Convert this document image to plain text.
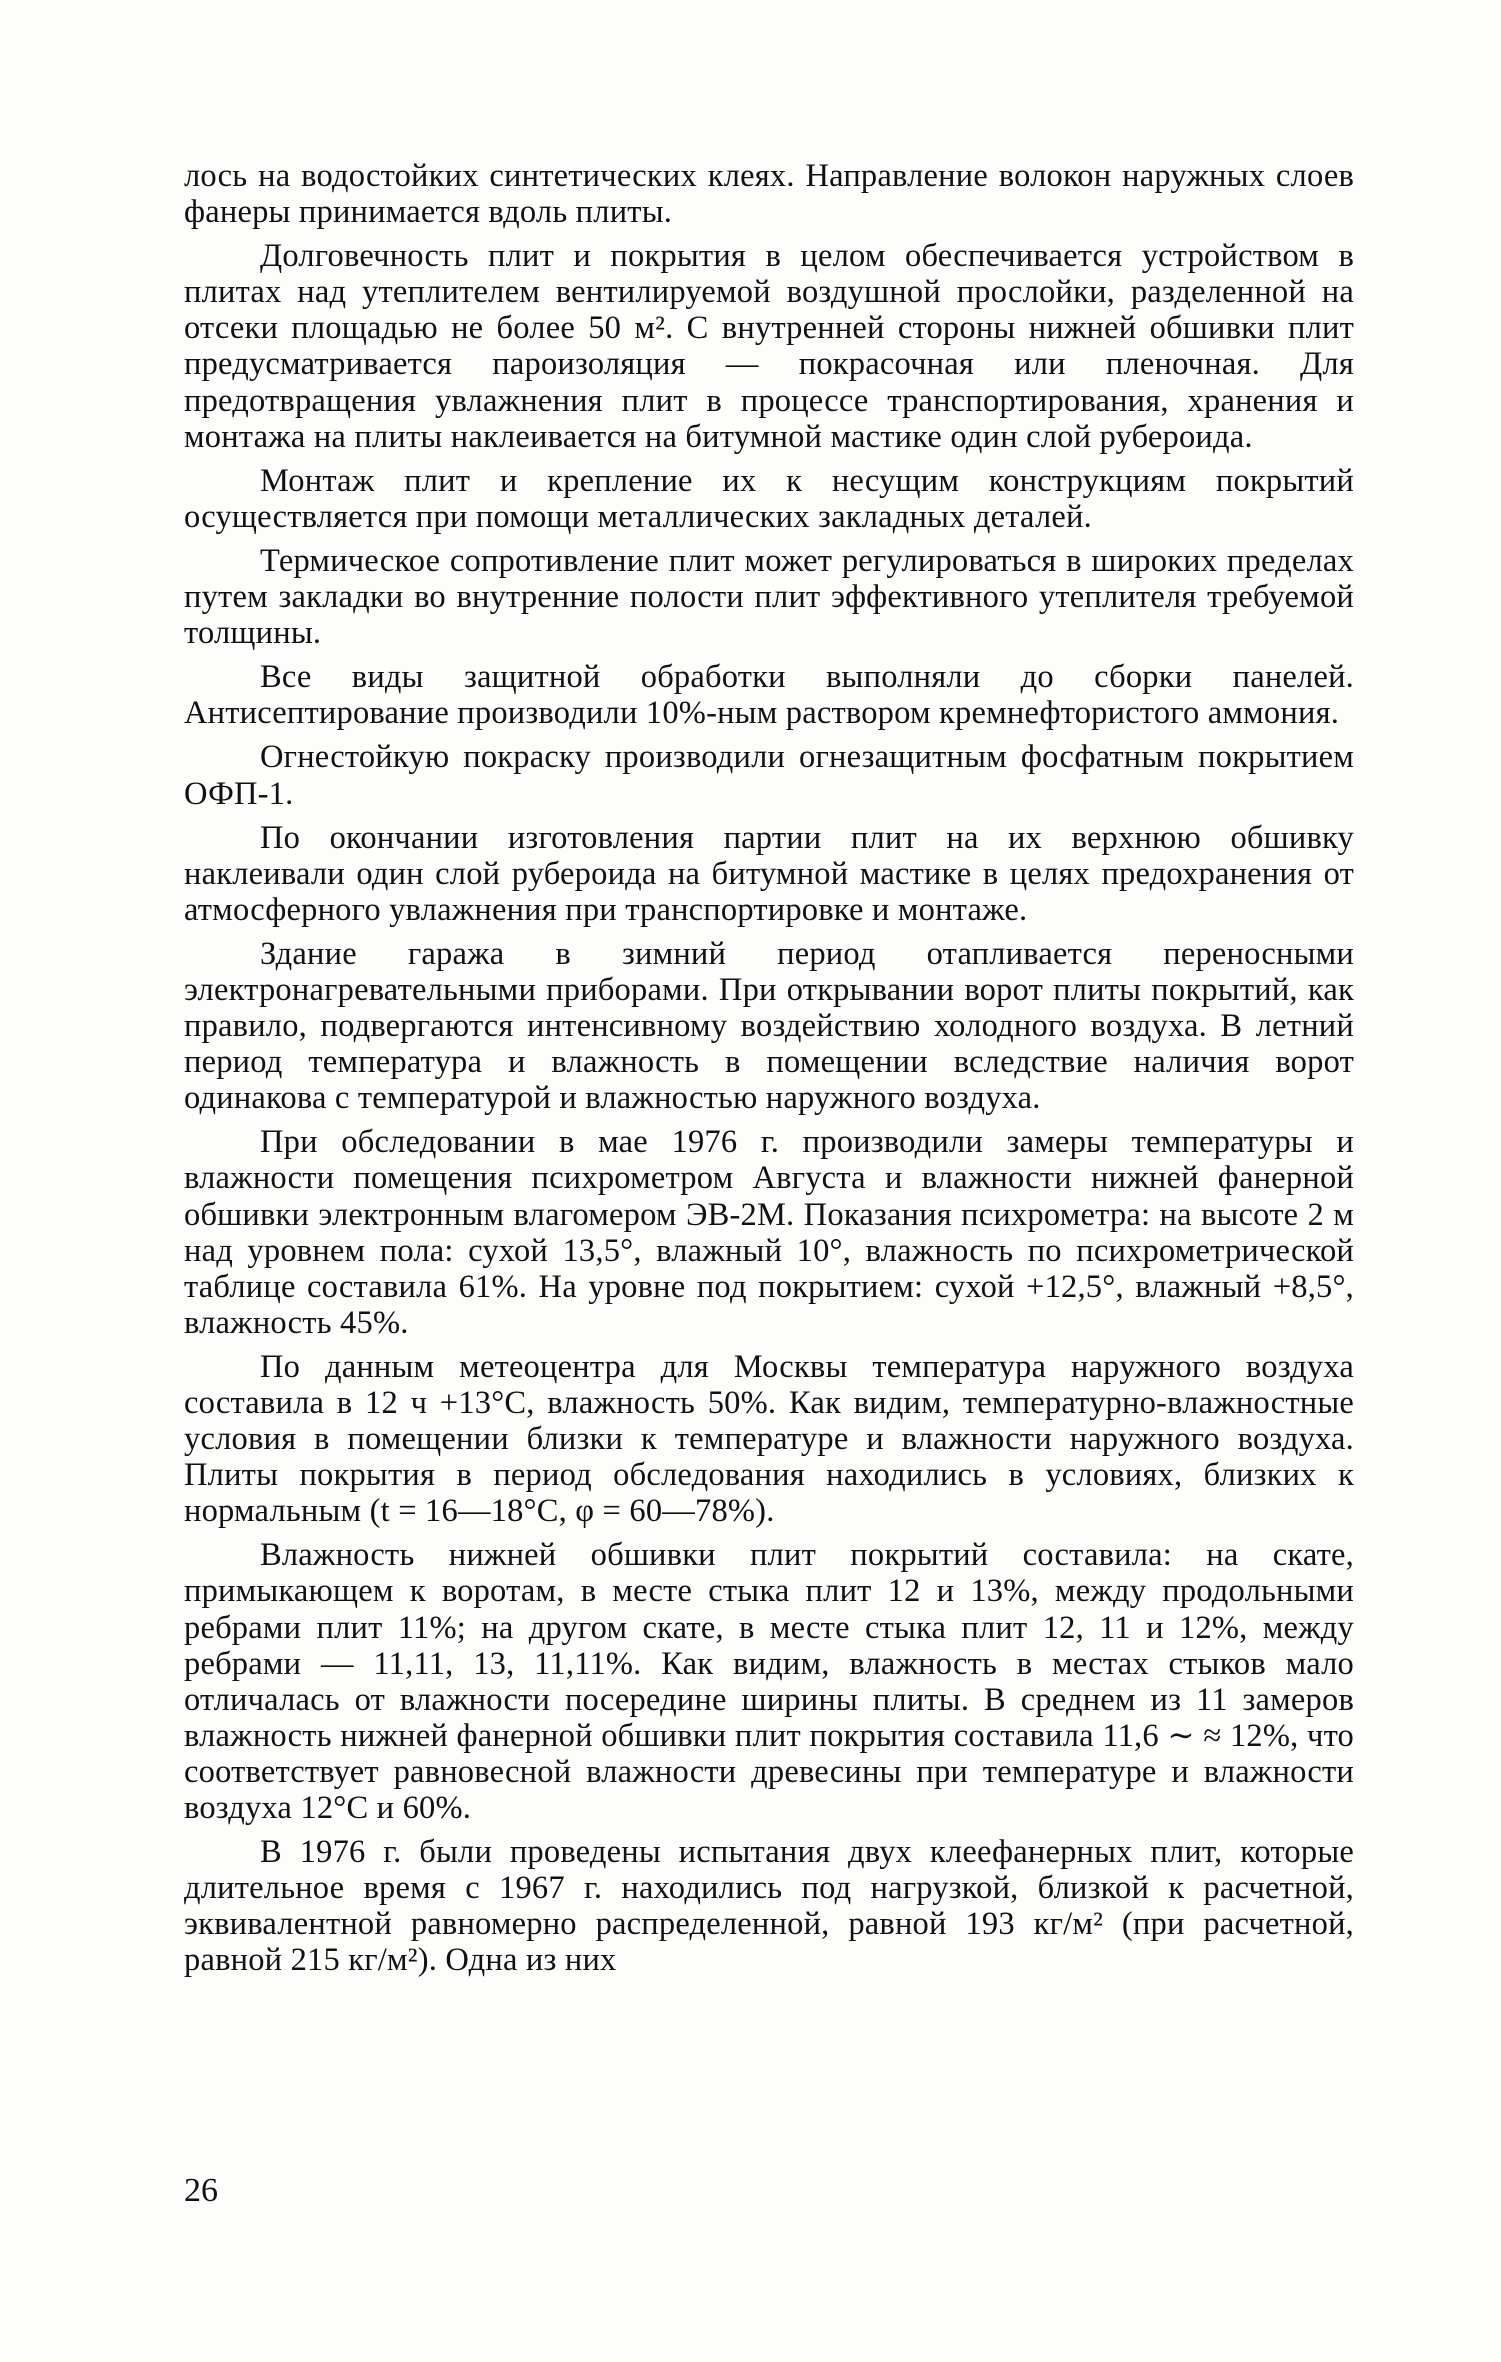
лось на водостойких синтетических клеях. Направление волокон наружных слоев фанеры принимается вдоль плиты.

Долговечность плит и покрытия в целом обеспечивается устройством в плитах над утеплителем вентилируемой воздушной прослойки, разделенной на отсеки площадью не более 50 м². С внутренней стороны нижней обшивки плит предусматривается пароизоляция — покрасочная или пленочная. Для предотвращения увлажнения плит в процессе транспортирования, хранения и монтажа на плиты наклеивается на битумной мастике один слой рубероида.

Монтаж плит и крепление их к несущим конструкциям покрытий осуществляется при помощи металлических закладных деталей.

Термическое сопротивление плит может регулироваться в широких пределах путем закладки во внутренние полости плит эффективного утеплителя требуемой толщины.

Все виды защитной обработки выполняли до сборки панелей. Антисептирование производили 10%-ным раствором кремнефтористого аммония.

Огнестойкую покраску производили огнезащитным фосфатным покрытием ОФП-1.

По окончании изготовления партии плит на их верхнюю обшивку наклеивали один слой рубероида на битумной мастике в целях предохранения от атмосферного увлажнения при транспортировке и монтаже.

Здание гаража в зимний период отапливается переносными электронагревательными приборами. При открывании ворот плиты покрытий, как правило, подвергаются интенсивному воздействию холодного воздуха. В летний период температура и влажность в помещении вследствие наличия ворот одинакова с температурой и влажностью наружного воздуха.

При обследовании в мае 1976 г. производили замеры температуры и влажности помещения психрометром Августа и влажности нижней фанерной обшивки электронным влагомером ЭВ-2М. Показания психрометра: на высоте 2 м над уровнем пола: сухой 13,5°, влажный 10°, влажность по психрометрической таблице составила 61%. На уровне под покрытием: сухой +12,5°, влажный +8,5°, влажность 45%.

По данным метеоцентра для Москвы температура наружного воздуха составила в 12 ч +13°C, влажность 50%. Как видим, температурно-влажностные условия в помещении близки к температуре и влажности наружного воздуха. Плиты покрытия в период обследования находились в условиях, близких к нормальным (t = 16—18°C, φ = 60—78%).

Влажность нижней обшивки плит покрытий составила: на скате, примыкающем к воротам, в месте стыка плит 12 и 13%, между продольными ребрами плит 11%; на другом скате, в месте стыка плит 12, 11 и 12%, между ребрами — 11,11, 13, 11,11%. Как видим, влажность в местах стыков мало отличалась от влажности посередине ширины плиты. В среднем из 11 замеров влажность нижней фанерной обшивки плит покрытия составила 11,6 ∼ ≈ 12%, что соответствует равновесной влажности древесины при температуре и влажности воздуха 12°C и 60%.

В 1976 г. были проведены испытания двух клеефанерных плит, которые длительное время с 1967 г. находились под нагрузкой, близкой к расчетной, эквивалентной равномерно распределенной, равной 193 кг/м² (при расчетной, равной 215 кг/м²). Одна из них

26
